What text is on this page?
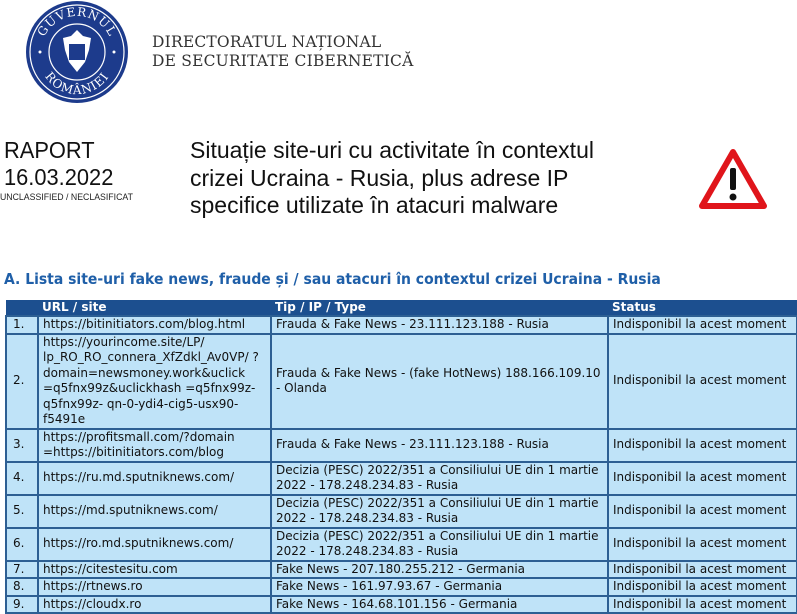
GUVERNUL
ROMÂNIEI
DIRECTORATUL NAȚIONAL
DE SECURITATE CIBERNETICĂ
RAPORT
16.03.2022
UNCLASSIFIED / NECLASIFICAT
Situație site-uri cu activitate în contextul
crizei Ucraina - Rusia, plus adrese IP
specifice utilizate în atacuri malware
A. Lista site-uri fake news, fraude și / sau atacuri în contextul crizei Ucraina - Rusia
	URL / site	Tip / IP / Type	Status
1.	https://bitinitiators.com/blog.html	Frauda & Fake News - 23.111.123.188 - Rusia	Indisponibil la acest moment
2.	https://yourincome.site/LP/ lp_RO_RO_connera_XfZdkl_Av0VP/ ?domain=newsmoney.work&uclick =q5fnx99z&uclickhash =q5fnx99z-q5fnx99z- qn-0-ydi4-cig5-usx90-f5491e	Frauda & Fake News - (fake HotNews) 188.166.109.10 - Olanda	Indisponibil la acest moment
3.	https://profitsmall.com/?domain =https://bitinitiators.com/blog	Frauda & Fake News - 23.111.123.188 - Rusia	Indisponibil la acest moment
4.	https://ru.md.sputniknews.com/	Decizia (PESC) 2022/351 a Consiliului UE din 1 martie 2022 - 178.248.234.83 - Rusia	Indisponibil la acest moment
5.	https://md.sputniknews.com/	Decizia (PESC) 2022/351 a Consiliului UE din 1 martie 2022 - 178.248.234.83 - Rusia	Indisponibil la acest moment
6.	https://ro.md.sputniknews.com/	Decizia (PESC) 2022/351 a Consiliului UE din 1 martie 2022 - 178.248.234.83 - Rusia	Indisponibil la acest moment
7.	https://citestesitu.com	Fake News - 207.180.255.212 - Germania	Indisponibil la acest moment
8.	https://rtnews.ro	Fake News - 161.97.93.67 - Germania	Indisponibil la acest moment
9.	https://cloudx.ro	Fake News - 164.68.101.156 - Germania	Indisponibil la acest moment
